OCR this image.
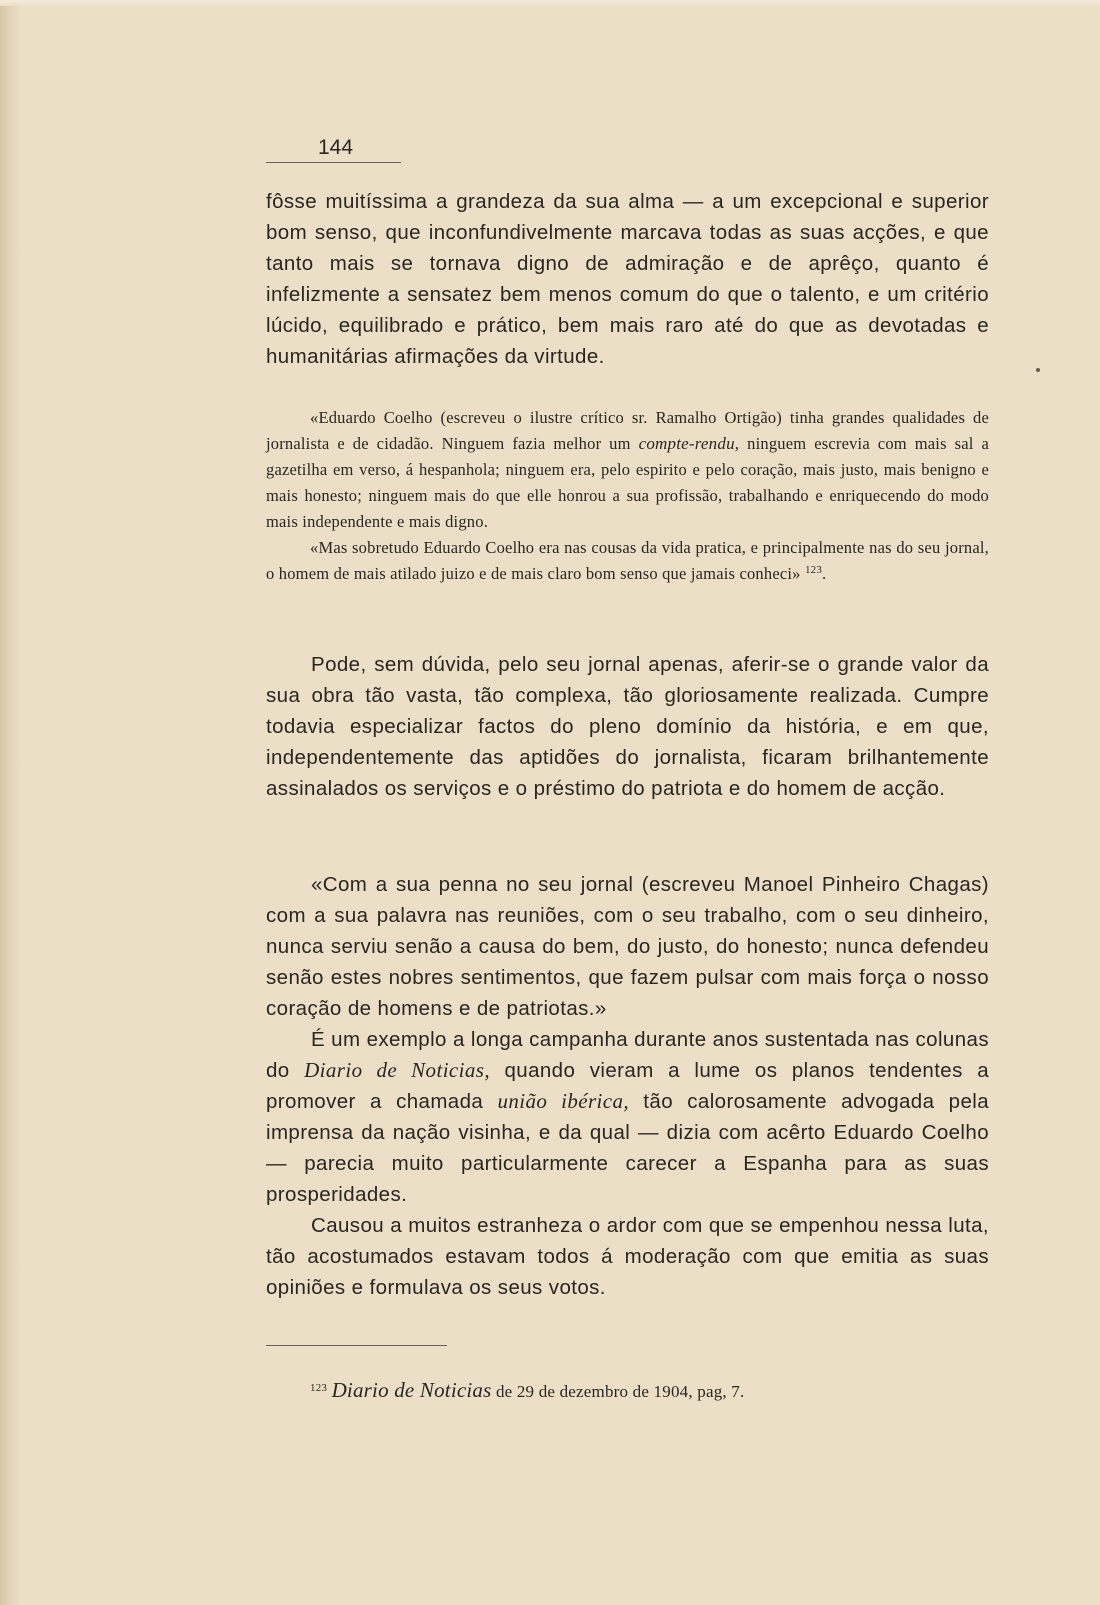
144

fôsse muitíssima a grandeza da sua alma — a um excepcional e superior bom senso, que inconfundivelmente marcava todas as suas acções, e que tanto mais se tornava digno de admiração e de aprêço, quanto é infelizmente a sensatez bem menos comum do que o talento, e um critério lúcido, equilibrado e prático, bem mais raro até do que as devotadas e humanitárias afirmações da virtude.

«Eduardo Coelho (escreveu o ilustre crítico sr. Ramalho Ortigão) tinha grandes qualidades de jornalista e de cidadão. Ninguem fazia melhor um compte-rendu, ninguem escrevia com mais sal a gazetilha em verso, á hespanhola; ninguem era, pelo espirito e pelo coração, mais justo, mais benigno e mais honesto; ninguem mais do que elle honrou a sua profissão, trabalhando e enriquecendo do modo mais independente e mais digno.

«Mas sobretudo Eduardo Coelho era nas cousas da vida pratica, e principalmente nas do seu jornal, o homem de mais atilado juizo e de mais claro bom senso que jamais conheci» $^{123}$.

Pode, sem dúvida, pelo seu jornal apenas, aferir-se o grande valor da sua obra tão vasta, tão complexa, tão gloriosamente realizada. Cumpre todavia especializar factos do pleno domínio da história, e em que, independentemente das aptidões do jornalista, ficaram brilhantemente assinalados os serviços e o préstimo do patriota e do homem de acção.

«Com a sua penna no seu jornal (escreveu Manoel Pinheiro Chagas) com a sua palavra nas reuniões, com o seu trabalho, com o seu dinheiro, nunca serviu senão a causa do bem, do justo, do honesto; nunca defendeu senão estes nobres sentimentos, que fazem pulsar com mais força o nosso coração de homens e de patriotas.»

É um exemplo a longa campanha durante anos sustentada nas colunas do Diario de Noticias, quando vieram a lume os planos tendentes a promover a chamada união ibérica, tão calorosamente advogada pela imprensa da nação visinha, e da qual — dizia com acêrto Eduardo Coelho — parecia muito particularmente carecer a Espanha para as suas prosperidades.

Causou a muitos estranheza o ardor com que se empenhou nessa luta, tão acostumados estavam todos á moderação com que emitia as suas opiniões e formulava os seus votos.

$^{123}$ Diario de Noticias de 29 de dezembro de 1904, pag, 7.
